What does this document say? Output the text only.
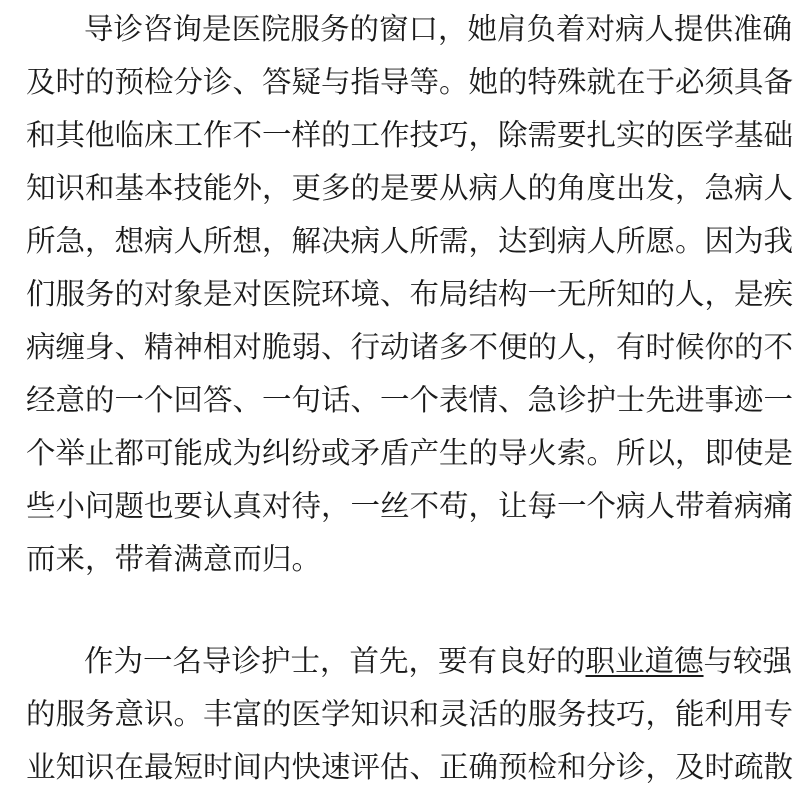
导诊咨询是医院服务的窗口，她肩负着对病人提供准确
及时的预检分诊、答疑与指导等。她的特殊就在于必须具备
和其他临床工作不一样的工作技巧，除需要扎实的医学基础
知识和基本技能外，更多的是要从病人的角度出发，急病人
所急，想病人所想，解决病人所需，达到病人所愿。因为我
们服务的对象是对医院环境、布局结构一无所知的人，是疾
病缠身、精神相对脆弱、行动诸多不便的人，有时候你的不
经意的一个回答、一句话、一个表情、急诊护士先进事迹一
个举止都可能成为纠纷或矛盾产生的导火索。所以，即使是
些小问题也要认真对待，一丝不苟，让每一个病人带着病痛
而来，带着满意而归。
作为一名导诊护士，首先，要有良好的职业道德与较强
的服务意识。丰富的医学知识和灵活的服务技巧，能利用专
业知识在最短时间内快速评估、正确预检和分诊，及时疏散
